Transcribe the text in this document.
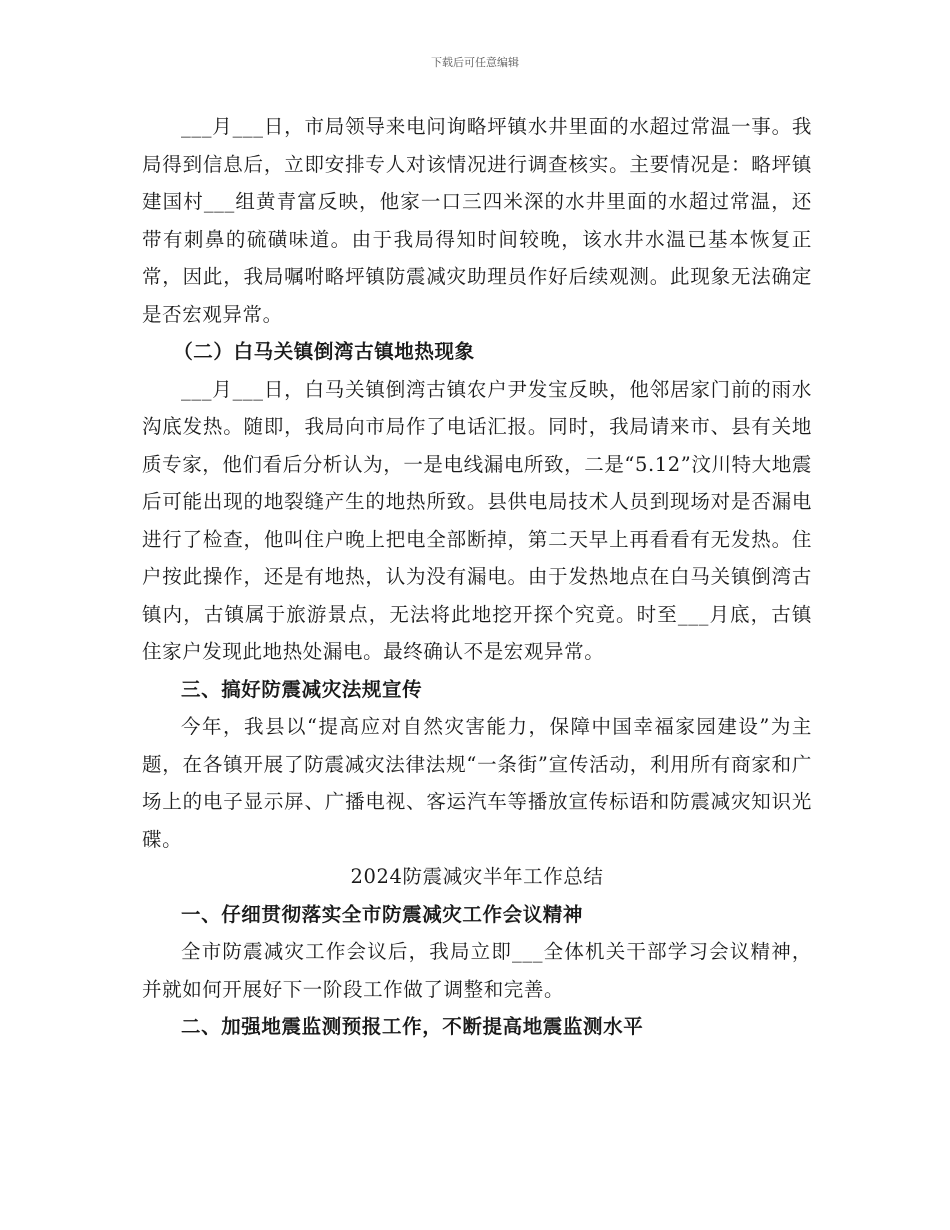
下载后可任意编辑

___月___日，市局领导来电问询略坪镇水井里面的水超过常温一事。我局得到信息后，立即安排专人对该情况进行调查核实。主要情况是：略坪镇建国村___组黄青富反映，他家一口三四米深的水井里面的水超过常温，还带有刺鼻的硫磺味道。由于我局得知时间较晚，该水井水温已基本恢复正常，因此，我局嘱咐略坪镇防震减灾助理员作好后续观测。此现象无法确定是否宏观异常。

（二）白马关镇倒湾古镇地热现象

___月___日，白马关镇倒湾古镇农户尹发宝反映，他邻居家门前的雨水沟底发热。随即，我局向市局作了电话汇报。同时，我局请来市、县有关地质专家，他们看后分析认为，一是电线漏电所致，二是“5.12”汶川特大地震后可能出现的地裂缝产生的地热所致。县供电局技术人员到现场对是否漏电进行了检查，他叫住户晚上把电全部断掉，第二天早上再看看有无发热。住户按此操作，还是有地热，认为没有漏电。由于发热地点在白马关镇倒湾古镇内，古镇属于旅游景点，无法将此地挖开探个究竟。时至___月底，古镇住家户发现此地热处漏电。最终确认不是宏观异常。

三、搞好防震减灾法规宣传

今年，我县以“提高应对自然灾害能力，保障中国幸福家园建设”为主题，在各镇开展了防震减灾法律法规“一条街”宣传活动，利用所有商家和广场上的电子显示屏、广播电视、客运汽车等播放宣传标语和防震减灾知识光碟。

2024防震减灾半年工作总结

一、仔细贯彻落实全市防震减灾工作会议精神

全市防震减灾工作会议后，我局立即___全体机关干部学习会议精神，并就如何开展好下一阶段工作做了调整和完善。

二、加强地震监测预报工作，不断提高地震监测水平
